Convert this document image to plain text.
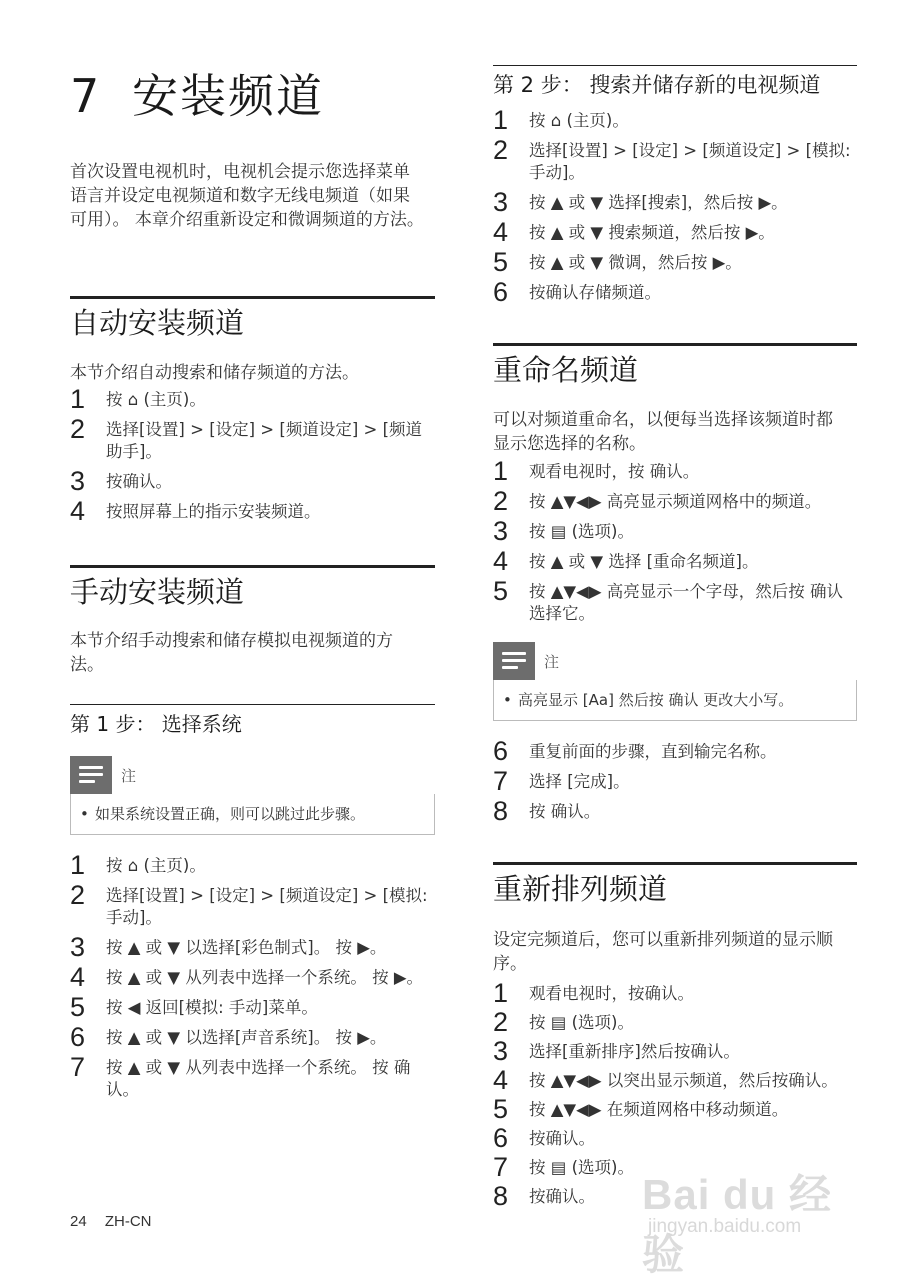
7 安装频道
首次设置电视机时，电视机会提示您选择菜单语言并设定电视频道和数字无线电频道（如果可用）。 本章介绍重新设定和微调频道的方法。
自动安装频道
本节介绍自动搜索和储存频道的方法。
1 按 ⌂ (主页)。
2 选择[设置] > [设定] > [频道设定] > [频道助手]。
3 按确认。
4 按照屏幕上的指示安装频道。
手动安装频道
本节介绍手动搜索和储存模拟电视频道的方法。
第 1 步： 选择系统
注
• 如果系统设置正确，则可以跳过此步骤。
1 按 ⌂ (主页)。
2 选择[设置] > [设定] > [频道设定] > [模拟: 手动]。
3 按 ▲ 或 ▼ 以选择[彩色制式]。 按 ▶。
4 按 ▲ 或 ▼ 从列表中选择一个系统。 按 ▶。
5 按 ◀ 返回[模拟: 手动]菜单。
6 按 ▲ 或 ▼ 以选择[声音系统]。 按 ▶。
7 按 ▲ 或 ▼ 从列表中选择一个系统。 按 确认。
第 2 步： 搜索并储存新的电视频道
1 按 ⌂ (主页)。
2 选择[设置] > [设定] > [频道设定] > [模拟: 手动]。
3 按 ▲ 或 ▼ 选择[搜索]，然后按 ▶。
4 按 ▲ 或 ▼ 搜索频道，然后按 ▶。
5 按 ▲ 或 ▼ 微调，然后按 ▶。
6 按确认存储频道。
重命名频道
可以对频道重命名，以便每当选择该频道时都显示您选择的名称。
1 观看电视时，按 确认。
2 按 ▲▼◀▶ 高亮显示频道网格中的频道。
3 按 ▤ (选项)。
4 按 ▲ 或 ▼ 选择 [重命名频道]。
5 按 ▲▼◀▶ 高亮显示一个字母，然后按 确认 选择它。
注
• 高亮显示 [Aa] 然后按 确认 更改大小写。
6 重复前面的步骤，直到输完名称。
7 选择 [完成]。
8 按 确认。
重新排列频道
设定完频道后，您可以重新排列频道的显示顺序。
1 观看电视时，按确认。
2 按 ▤ (选项)。
3 选择[重新排序]然后按确认。
4 按 ▲▼◀▶ 以突出显示频道，然后按确认。
5 按 ▲▼◀▶ 在频道网格中移动频道。
6 按确认。
7 按 ▤ (选项)。
8 按确认。
24 ZH-CN
Bai du 经验
jingyan.baidu.com
